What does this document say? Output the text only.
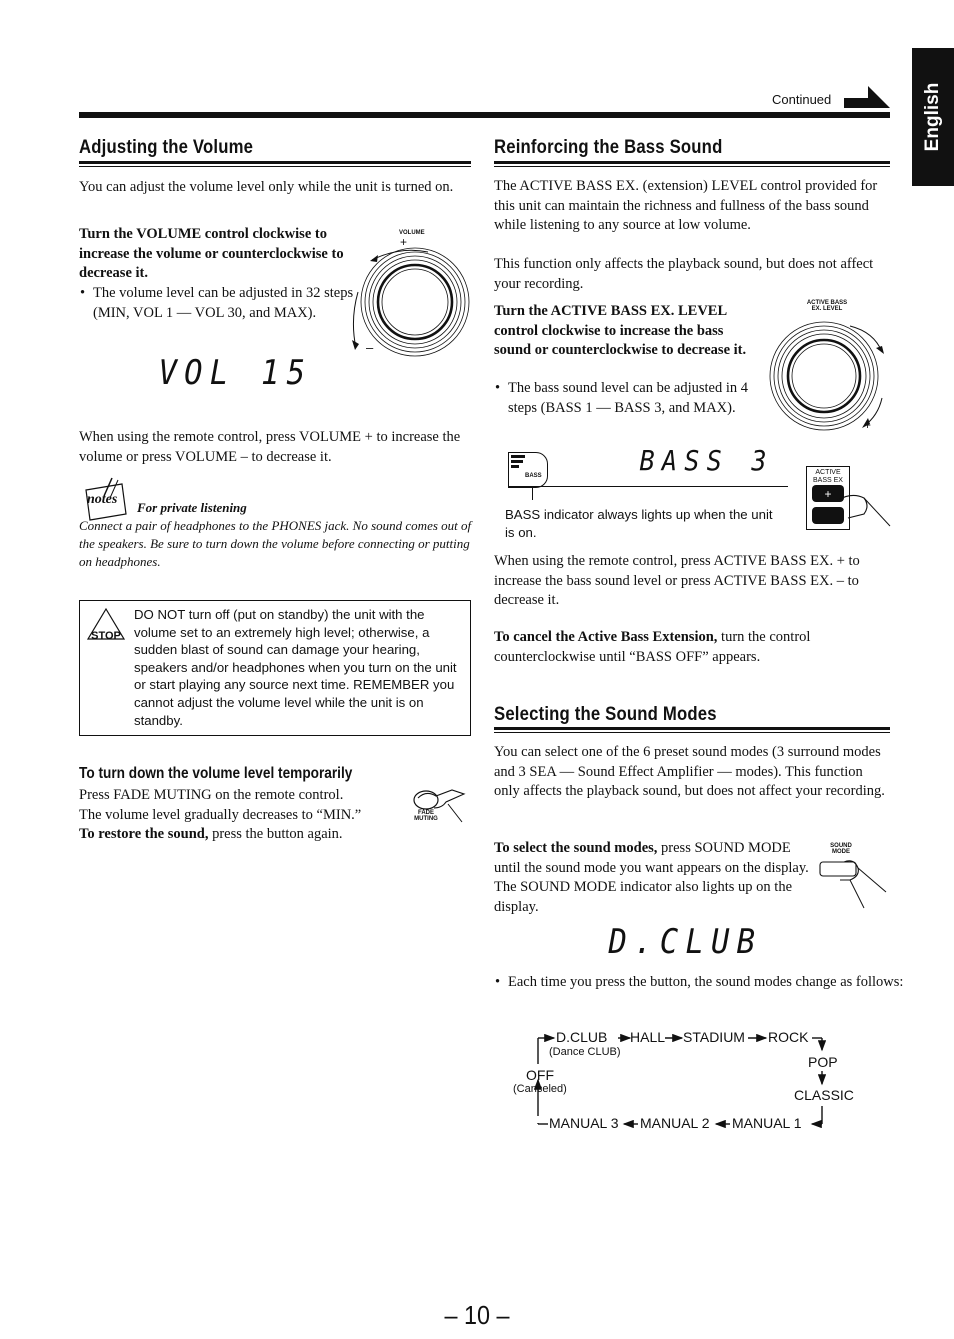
Continued	English
Adjusting the Volume
You can adjust the volume level only while the unit is turned on.
Turn the VOLUME control clockwise to increase the volume or counterclockwise to decrease it.
• The volume level can be adjusted in 32 steps (MIN, VOL 1 — VOL 30, and MAX).
VOLUME
+
–
VOL 15
When using the remote control, press VOLUME + to increase the volume or press VOLUME – to decrease it.
notes
For private listening
Connect a pair of headphones to the PHONES jack. No sound comes out of the speakers. Be sure to turn down the volume before connecting or putting on headphones.
STOP
DO NOT turn off (put on standby) the unit with the volume set to an extremely high level; otherwise, a sudden blast of sound can damage your hearing, speakers and/or headphones when you turn on the unit or start playing any source next time. REMEMBER you cannot adjust the volume level while the unit is on standby.
To turn down the volume level temporarily
Press FADE MUTING on the remote control.
The volume level gradually decreases to “MIN.”
To restore the sound, press the button again.
FADE MUTING
Reinforcing the Bass Sound
The ACTIVE BASS EX. (extension) LEVEL control provided for this unit can maintain the richness and fullness of the bass sound while listening to any source at low volume.
This function only affects the playback sound, but does not affect your recording.
Turn the ACTIVE BASS EX. LEVEL control clockwise to increase the bass sound or counterclockwise to decrease it.
• The bass sound level can be adjusted in 4 steps (BASS 1 — BASS 3, and MAX).
ACTIVE BASS EX. LEVEL
+
BASS	BASS 3
BASS indicator always lights up when the unit is on.
ACTIVE BASS EX
+
When using the remote control, press ACTIVE BASS EX. + to increase the bass sound level or press ACTIVE BASS EX. – to decrease it.
To cancel the Active Bass Extension, turn the control counterclockwise until “BASS OFF” appears.
Selecting the Sound Modes
You can select one of the 6 preset sound modes (3 surround modes and 3 SEA — Sound Effect Amplifier — modes). This function only affects the playback sound, but does not affect your recording.
To select the sound modes, press SOUND MODE until the sound mode you want appears on the display. The SOUND MODE indicator also lights up on the display.
SOUND MODE
D.CLUB
• Each time you press the button, the sound modes change as follows:
D.CLUB
(Dance CLUB)
HALL STADIUM ROCK
POP
CLASSIC
OFF
(Canceled)
MANUAL 3 MANUAL 2 MANUAL 1
– 10 –
